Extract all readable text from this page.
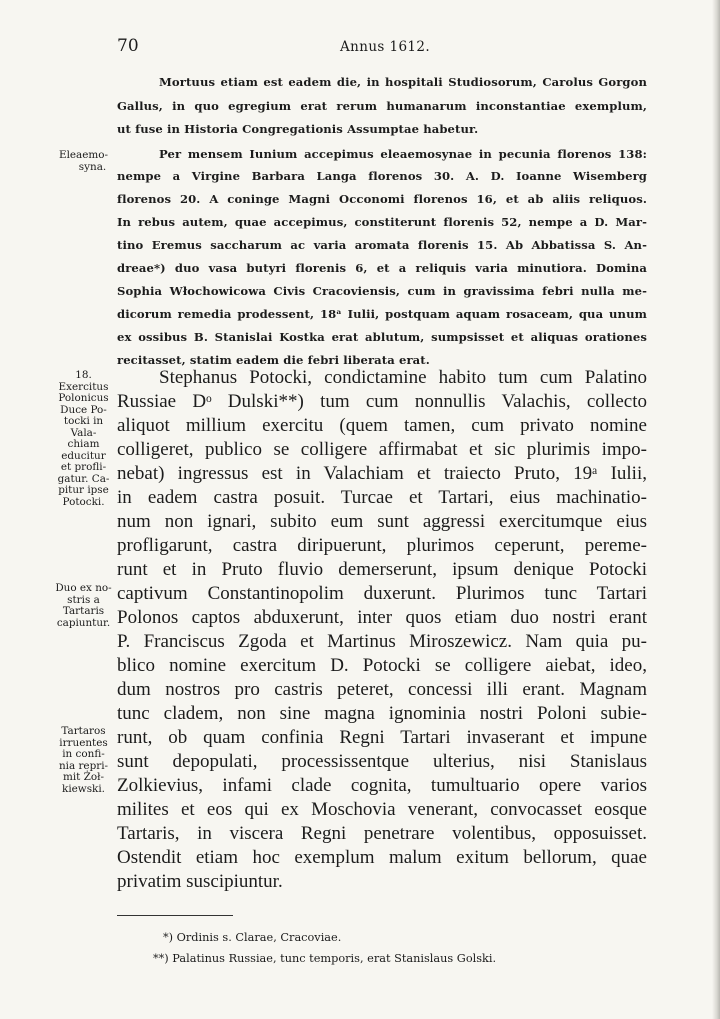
70	Annus 1612.

Mortuus etiam est eadem die, in hospitali Studiosorum, Carolus Gorgon

Gallus, in quo egregium erat rerum humanarum inconstantiae exemplum,

ut fuse in Historia Congregationis Assumptae habetur.

Per mensem Iunium accepimus eleaemosynae in pecunia florenos 138:

nempe a Virgine Barbara Langa florenos 30. A. D. Ioanne Wisemberg

florenos 20. A coninge Magni Occonomi florenos 16, et ab aliis reliquos.

In rebus autem, quae accepimus, constiterunt florenis 52, nempe a D. Mar-

tino Eremus saccharum ac varia aromata florenis 15. Ab Abbatissa S. An-

dreae*) duo vasa butyri florenis 6, et a reliquis varia minutiora. Domina

Sophia Włochowicowa Civis Cracoviensis, cum in gravissima febri nulla me-

dicorum remedia prodessent, 18ᵃ Iulii, postquam aquam rosaceam, qua unum

ex ossibus B. Stanislai Kostka erat ablutum, sumpsisset et aliquas orationes

recitasset, statim eadem die febri liberata erat.

Stephanus Potocki, condictamine habito tum cum Palatino

Russiae Dᵒ Dulski**) tum cum nonnullis Valachis, collecto

aliquot millium exercitu (quem tamen, cum privato nomine

colligeret, publico se colligere affirmabat et sic plurimis impo-

nebat) ingressus est in Valachiam et traiecto Pruto, 19ᵃ Iulii,

in eadem castra posuit. Turcae et Tartari, eius machinatio-

num non ignari, subito eum sunt aggressi exercitumque eius

profligarunt, castra diripuerunt, plurimos ceperunt, pereme-

runt et in Pruto fluvio demerserunt, ipsum denique Potocki

captivum Constantinopolim duxerunt. Plurimos tunc Tartari

Polonos captos abduxerunt, inter quos etiam duo nostri erant

P. Franciscus Zgoda et Martinus Miroszewicz. Nam quia pu-

blico nomine exercitum D. Potocki se colligere aiebat, ideo,

dum nostros pro castris peteret, concessi illi erant. Magnam

tunc cladem, non sine magna ignominia nostri Poloni subie-

runt, ob quam confinia Regni Tartari invaserant et impune

sunt depopulati, processissentque ulterius, nisi Stanislaus

Zolkievius, infami clade cognita, tumultuario opere varios

milites et eos qui ex Moschovia venerant, convocasset eosque

Tartaris, in viscera Regni penetrare volentibus, opposuisset.

Ostendit etiam hoc exemplum malum exitum bellorum, quae

privatim suscipiuntur.

Eleaemo-
syna.
18.
Exercitus
Polonicus
Duce Po-
tocki in
Vala-
chiam
educitur
et profli-
gatur. Ca-
pitur ipse
Potocki.
Duo ex no-
stris a
Tartaris
capiuntur.
Tartaros
irruentes
in confi-
nia repri-
mit Żoł-
kiewski.
*) Ordinis s. Clarae, Cracoviae.
**) Palatinus Russiae, tunc temporis, erat Stanislaus Golski.
